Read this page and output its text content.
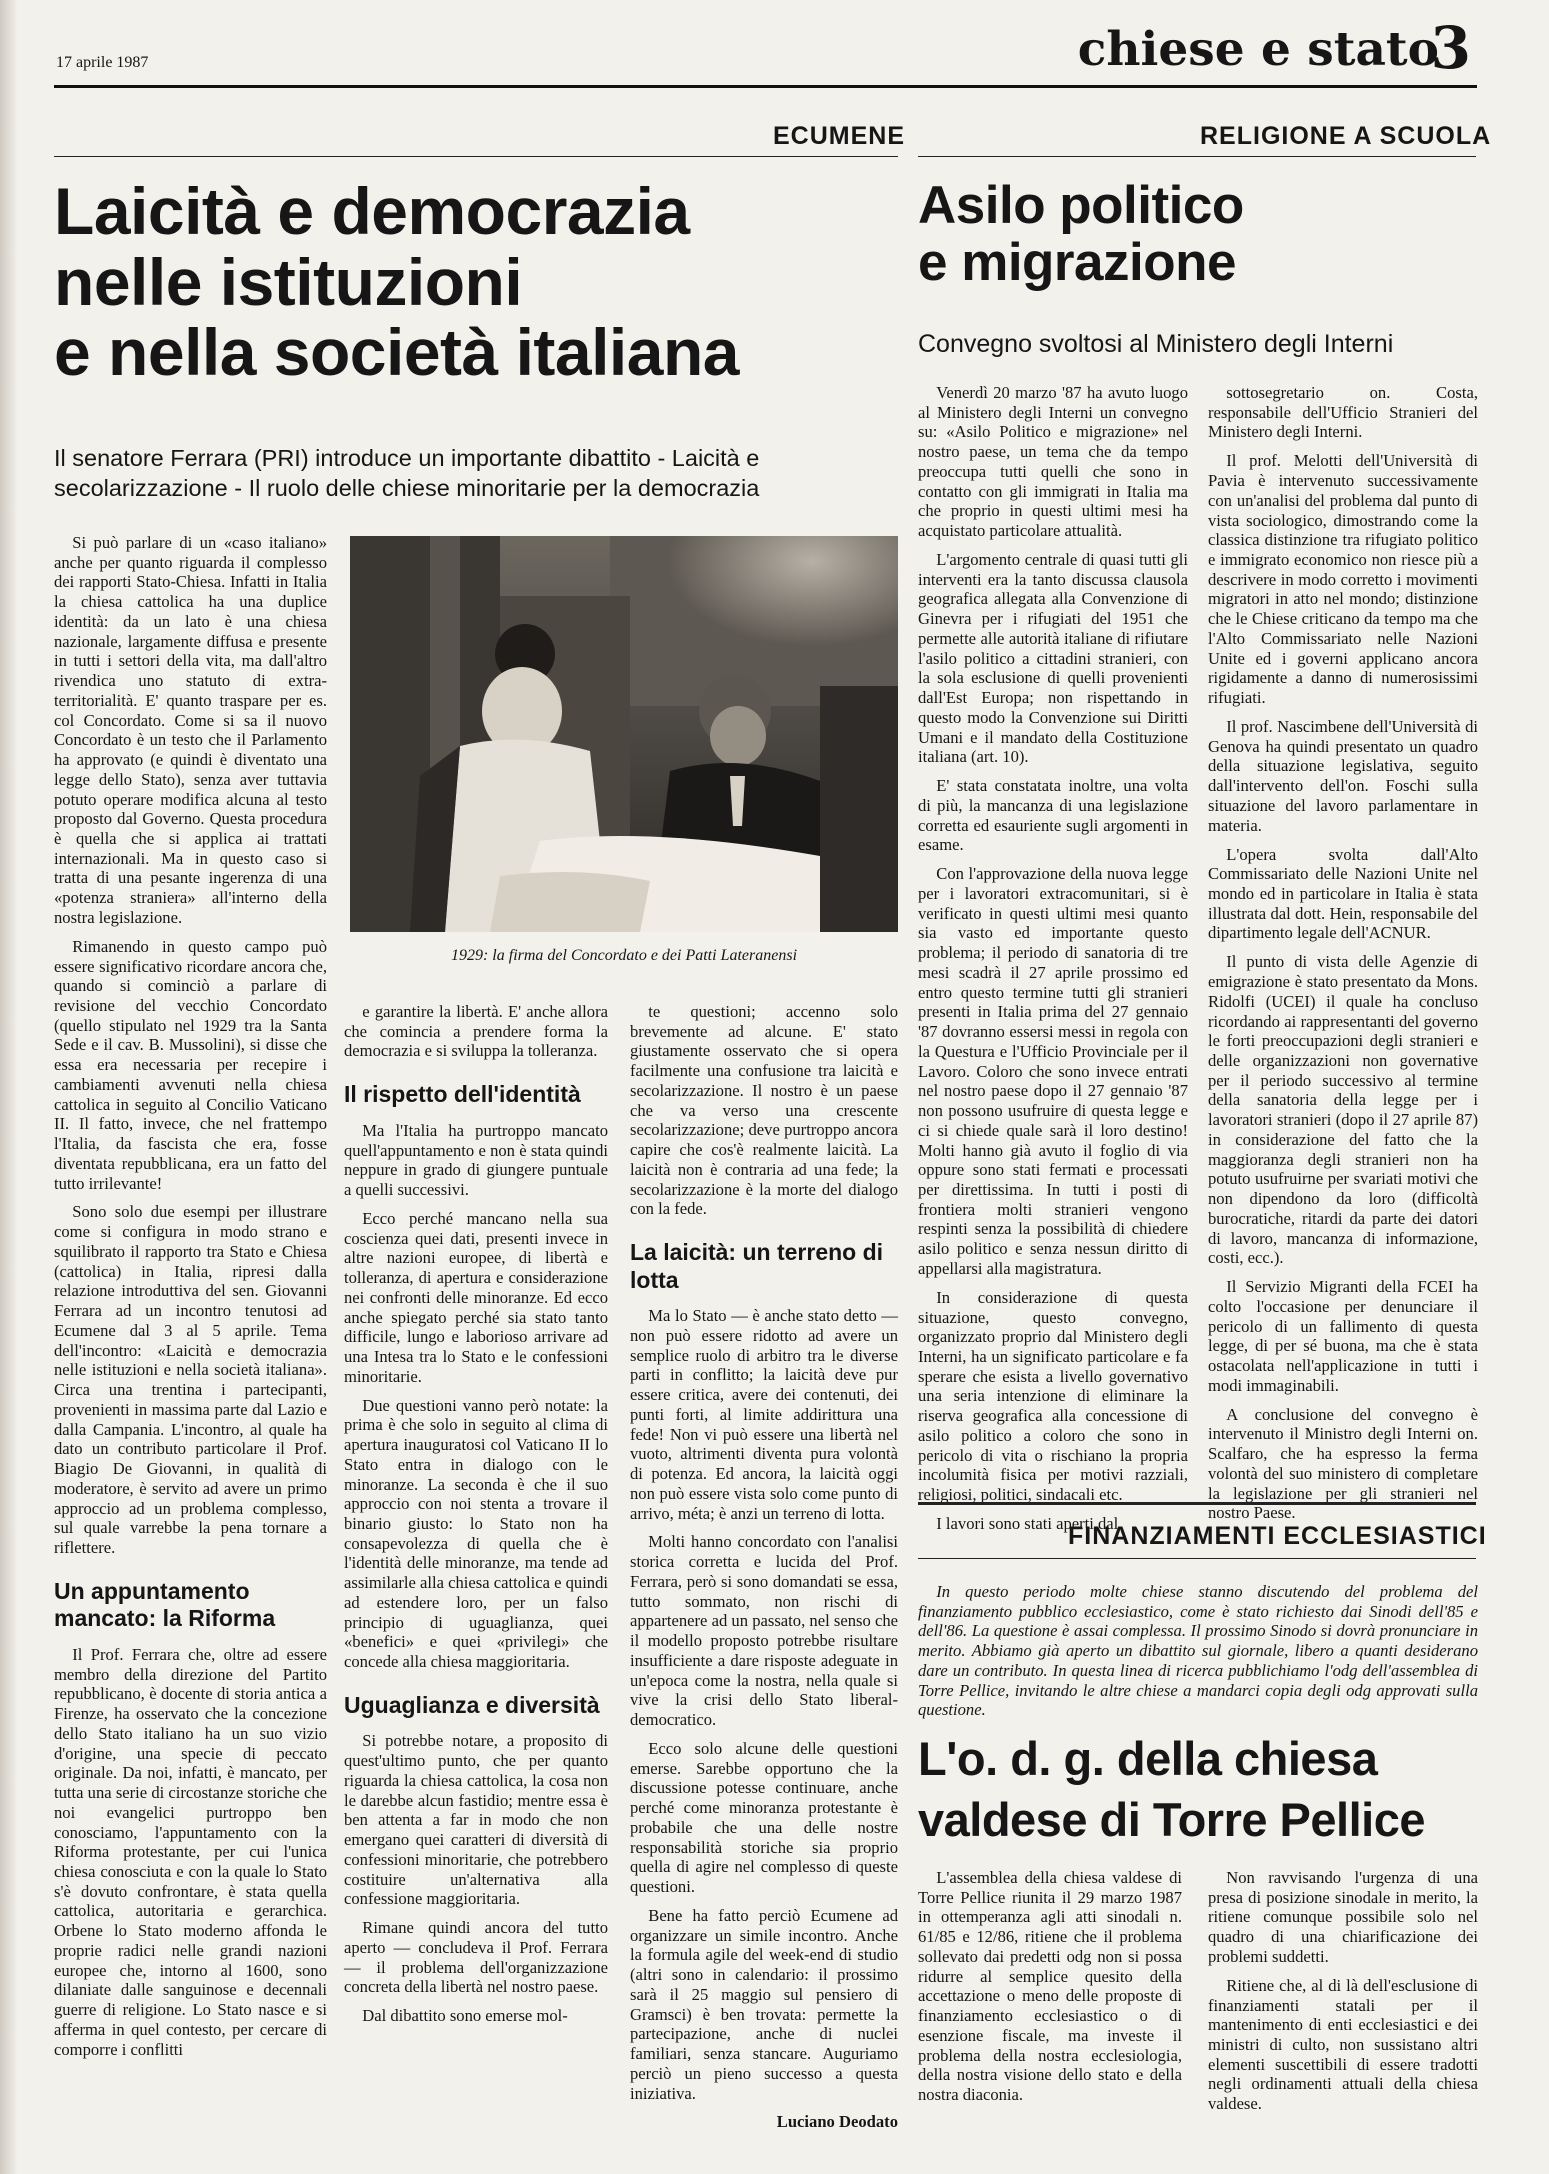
17 aprile 1987	chiese e stato
3
ECUMENE
Laicità e democrazia
nelle istituzioni
e nella società italiana
Il senatore Ferrara (PRI) introduce un importante dibattito - Laicità e secolarizzazione - Il ruolo delle chiese minoritarie per la democrazia
1929: la firma del Concordato e dei Patti Lateranensi

Si può parlare di un «caso italiano» anche per quanto riguarda il complesso dei rapporti Stato-Chiesa. Infatti in Italia la chiesa cattolica ha una duplice identità: da un lato è una chiesa nazionale, largamente diffusa e presente in tutti i settori della vita, ma dall'altro rivendica uno statuto di extra-territorialità. E' quanto traspare per es. col Concordato. Come si sa il nuovo Concordato è un testo che il Parlamento ha approvato (e quindi è diventato una legge dello Stato), senza aver tuttavia potuto operare modifica alcuna al testo proposto dal Governo. Questa procedura è quella che si applica ai trattati internazionali. Ma in questo caso si tratta di una pesante ingerenza di una «potenza straniera» all'interno della nostra legislazione.

Rimanendo in questo campo può essere significativo ricordare ancora che, quando si cominciò a parlare di revisione del vecchio Concordato (quello stipulato nel 1929 tra la Santa Sede e il cav. B. Mussolini), si disse che essa era necessaria per recepire i cambiamenti avvenuti nella chiesa cattolica in seguito al Concilio Vaticano II. Il fatto, invece, che nel frattempo l'Italia, da fascista che era, fosse diventata repubblicana, era un fatto del tutto irrilevante!

Sono solo due esempi per illustrare come si configura in modo strano e squilibrato il rapporto tra Stato e Chiesa (cattolica) in Italia, ripresi dalla relazione introduttiva del sen. Giovanni Ferrara ad un incontro tenutosi ad Ecumene dal 3 al 5 aprile. Tema dell'incontro: «Laicità e democrazia nelle istituzioni e nella società italiana». Circa una trentina i partecipanti, provenienti in massima parte dal Lazio e dalla Campania. L'incontro, al quale ha dato un contributo particolare il Prof. Biagio De Giovanni, in qualità di moderatore, è servito ad avere un primo approccio ad un problema complesso, sul quale varrebbe la pena tornare a riflettere.

Un appuntamento mancato: la Riforma

Il Prof. Ferrara che, oltre ad essere membro della direzione del Partito repubblicano, è docente di storia antica a Firenze, ha osservato che la concezione dello Stato italiano ha un suo vizio d'origine, una specie di peccato originale. Da noi, infatti, è mancato, per tutta una serie di circostanze storiche che noi evangelici purtroppo ben conosciamo, l'appuntamento con la Riforma protestante, per cui l'unica chiesa conosciuta e con la quale lo Stato s'è dovuto confrontare, è stata quella cattolica, autoritaria e gerarchica. Orbene lo Stato moderno affonda le proprie radici nelle grandi nazioni europee che, intorno al 1600, sono dilaniate dalle sanguinose e decennali guerre di religione. Lo Stato nasce e si afferma in quel contesto, per cercare di comporre i conflitti

e garantire la libertà. E' anche allora che comincia a prendere forma la democrazia e si sviluppa la tolleranza.

Il rispetto dell'identità

Ma l'Italia ha purtroppo mancato quell'appuntamento e non è stata quindi neppure in grado di giungere puntuale a quelli successivi.

Ecco perché mancano nella sua coscienza quei dati, presenti invece in altre nazioni europee, di libertà e tolleranza, di apertura e considerazione nei confronti delle minoranze. Ed ecco anche spiegato perché sia stato tanto difficile, lungo e laborioso arrivare ad una Intesa tra lo Stato e le confessioni minoritarie.

Due questioni vanno però notate: la prima è che solo in seguito al clima di apertura inauguratosi col Vaticano II lo Stato entra in dialogo con le minoranze. La seconda è che il suo approccio con noi stenta a trovare il binario giusto: lo Stato non ha consapevolezza di quella che è l'identità delle minoranze, ma tende ad assimilarle alla chiesa cattolica e quindi ad estendere loro, per un falso principio di uguaglianza, quei «benefici» e quei «privilegi» che concede alla chiesa maggioritaria.

Uguaglianza e diversità

Si potrebbe notare, a proposito di quest'ultimo punto, che per quanto riguarda la chiesa cattolica, la cosa non le darebbe alcun fastidio; mentre essa è ben attenta a far in modo che non emergano quei caratteri di diversità di confessioni minoritarie, che potrebbero costituire un'alternativa alla confessione maggioritaria.

Rimane quindi ancora del tutto aperto — concludeva il Prof. Ferrara — il problema dell'organizzazione concreta della libertà nel nostro paese.

Dal dibattito sono emerse mol-

te questioni; accenno solo brevemente ad alcune. E' stato giustamente osservato che si opera facilmente una confusione tra laicità e secolarizzazione. Il nostro è un paese che va verso una crescente secolarizzazione; deve purtroppo ancora capire che cos'è realmente laicità. La laicità non è contraria ad una fede; la secolarizzazione è la morte del dialogo con la fede.

La laicità: un terreno di lotta

Ma lo Stato — è anche stato detto — non può essere ridotto ad avere un semplice ruolo di arbitro tra le diverse parti in conflitto; la laicità deve pur essere critica, avere dei contenuti, dei punti forti, al limite addirittura una fede! Non vi può essere una libertà nel vuoto, altrimenti diventa pura volontà di potenza. Ed ancora, la laicità oggi non può essere vista solo come punto di arrivo, méta; è anzi un terreno di lotta.

Molti hanno concordato con l'analisi storica corretta e lucida del Prof. Ferrara, però si sono domandati se essa, tutto sommato, non rischi di appartenere ad un passato, nel senso che il modello proposto potrebbe risultare insufficiente a dare risposte adeguate in un'epoca come la nostra, nella quale si vive la crisi dello Stato liberal-democratico.

Ecco solo alcune delle questioni emerse. Sarebbe opportuno che la discussione potesse continuare, anche perché come minoranza protestante è probabile che una delle nostre responsabilità storiche sia proprio quella di agire nel complesso di queste questioni.

Bene ha fatto perciò Ecumene ad organizzare un simile incontro. Anche la formula agile del week-end di studio (altri sono in calendario: il prossimo sarà il 25 maggio sul pensiero di Gramsci) è ben trovata: permette la partecipazione, anche di nuclei familiari, senza stancare. Auguriamo perciò un pieno successo a questa iniziativa.

Luciano Deodato

RELIGIONE A SCUOLA
Asilo politico
e migrazione
Convegno svoltosi al Ministero degli Interni

Venerdì 20 marzo '87 ha avuto luogo al Ministero degli Interni un convegno su: «Asilo Politico e migrazione» nel nostro paese, un tema che da tempo preoccupa tutti quelli che sono in contatto con gli immigrati in Italia ma che proprio in questi ultimi mesi ha acquistato particolare attualità.

L'argomento centrale di quasi tutti gli interventi era la tanto discussa clausola geografica allegata alla Convenzione di Ginevra per i rifugiati del 1951 che permette alle autorità italiane di rifiutare l'asilo politico a cittadini stranieri, con la sola esclusione di quelli provenienti dall'Est Europa; non rispettando in questo modo la Convenzione sui Diritti Umani e il mandato della Costituzione italiana (art. 10).

E' stata constatata inoltre, una volta di più, la mancanza di una legislazione corretta ed esauriente sugli argomenti in esame.

Con l'approvazione della nuova legge per i lavoratori extracomunitari, si è verificato in questi ultimi mesi quanto sia vasto ed importante questo problema; il periodo di sanatoria di tre mesi scadrà il 27 aprile prossimo ed entro questo termine tutti gli stranieri presenti in Italia prima del 27 gennaio '87 dovranno essersi messi in regola con la Questura e l'Ufficio Provinciale per il Lavoro. Coloro che sono invece entrati nel nostro paese dopo il 27 gennaio '87 non possono usufruire di questa legge e ci si chiede quale sarà il loro destino! Molti hanno già avuto il foglio di via oppure sono stati fermati e processati per direttissima. In tutti i posti di frontiera molti stranieri vengono respinti senza la possibilità di chiedere asilo politico e senza nessun diritto di appellarsi alla magistratura.

In considerazione di questa situazione, questo convegno, organizzato proprio dal Ministero degli Interni, ha un significato particolare e fa sperare che esista a livello governativo una seria intenzione di eliminare la riserva geografica alla concessione di asilo politico a coloro che sono in pericolo di vita o rischiano la propria incolumità fisica per motivi razziali, religiosi, politici, sindacali etc.

I lavori sono stati aperti dal

sottosegretario on. Costa, responsabile dell'Ufficio Stranieri del Ministero degli Interni.

Il prof. Melotti dell'Università di Pavia è intervenuto successivamente con un'analisi del problema dal punto di vista sociologico, dimostrando come la classica distinzione tra rifugiato politico e immigrato economico non riesce più a descrivere in modo corretto i movimenti migratori in atto nel mondo; distinzione che le Chiese criticano da tempo ma che l'Alto Commissariato nelle Nazioni Unite ed i governi applicano ancora rigidamente a danno di numerosissimi rifugiati.

Il prof. Nascimbene dell'Università di Genova ha quindi presentato un quadro della situazione legislativa, seguito dall'intervento dell'on. Foschi sulla situazione del lavoro parlamentare in materia.

L'opera svolta dall'Alto Commissariato delle Nazioni Unite nel mondo ed in particolare in Italia è stata illustrata dal dott. Hein, responsabile del dipartimento legale dell'ACNUR.

Il punto di vista delle Agenzie di emigrazione è stato presentato da Mons. Ridolfi (UCEI) il quale ha concluso ricordando ai rappresentanti del governo le forti preoccupazioni degli stranieri e delle organizzazioni non governative per il periodo successivo al termine della sanatoria della legge per i lavoratori stranieri (dopo il 27 aprile 87) in considerazione del fatto che la maggioranza degli stranieri non ha potuto usufruirne per svariati motivi che non dipendono da loro (difficoltà burocratiche, ritardi da parte dei datori di lavoro, mancanza di informazione, costi, ecc.).

Il Servizio Migranti della FCEI ha colto l'occasione per denunciare il pericolo di un fallimento di questa legge, di per sé buona, ma che è stata ostacolata nell'applicazione in tutti i modi immaginabili.

A conclusione del convegno è intervenuto il Ministro degli Interni on. Scalfaro, che ha espresso la ferma volontà del suo ministero di completare la legislazione per gli stranieri nel nostro Paese.

FINANZIAMENTI ECCLESIASTICI

In questo periodo molte chiese stanno discutendo del problema del finanziamento pubblico ecclesiastico, come è stato richiesto dai Sinodi dell'85 e dell'86. La questione è assai complessa. Il prossimo Sinodo si dovrà pronunciare in merito. Abbiamo già aperto un dibattito sul giornale, libero a quanti desiderano dare un contributo. In questa linea di ricerca pubblichiamo l'odg dell'assemblea di Torre Pellice, invitando le altre chiese a mandarci copia degli odg approvati sulla questione.

L'o. d. g. della chiesa
valdese di Torre Pellice

L'assemblea della chiesa valdese di Torre Pellice riunita il 29 marzo 1987 in ottemperanza agli atti sinodali n. 61/85 e 12/86, ritiene che il problema sollevato dai predetti odg non si possa ridurre al semplice quesito della accettazione o meno delle proposte di finanziamento ecclesiastico o di esenzione fiscale, ma investe il problema della nostra ecclesiologia, della nostra visione dello stato e della nostra diaconia.

Non ravvisando l'urgenza di una presa di posizione sinodale in merito, la ritiene comunque possibile solo nel quadro di una chiarificazione dei problemi suddetti.

Ritiene che, al di là dell'esclusione di finanziamenti statali per il mantenimento di enti ecclesiastici e dei ministri di culto, non sussistano altri elementi suscettibili di essere tradotti negli ordinamenti attuali della chiesa valdese.
